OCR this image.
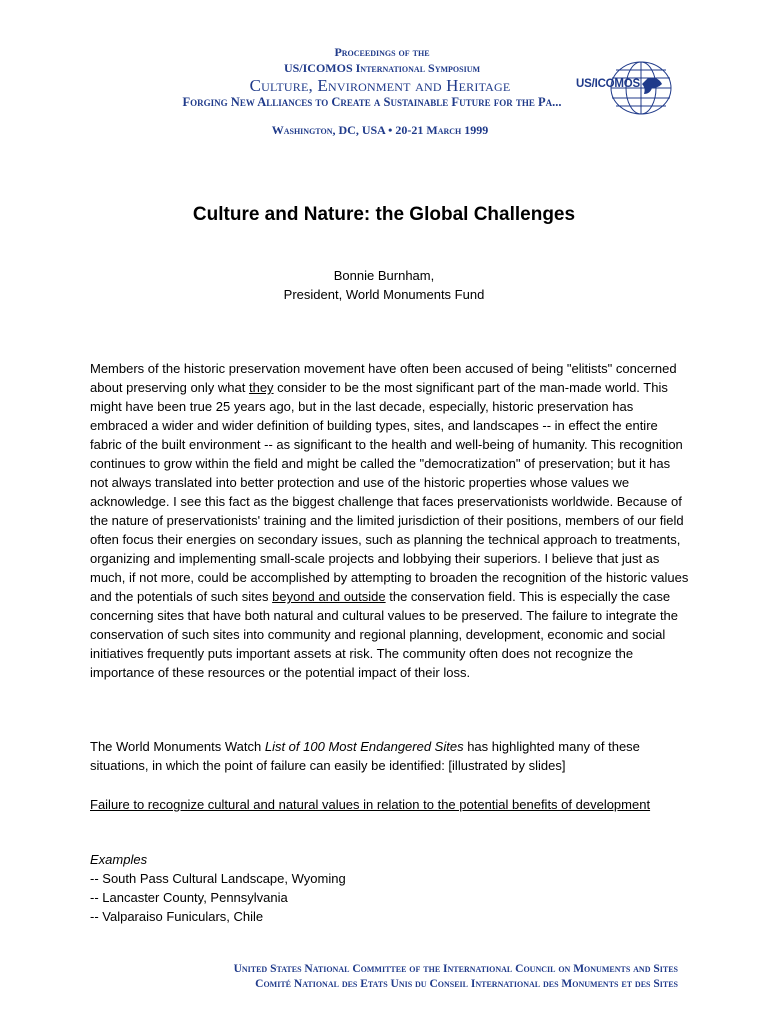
Proceedings of the
US/ICOMOS International Symposium
Culture, Environment and Heritage
Forging New Alliances to Create a Sustainable Future for the Pa...
Washington, DC, USA • 20-21 March 1999
US/ICOMOS
Culture and Nature: the Global Challenges
Bonnie Burnham,
President, World Monuments Fund
Members of the historic preservation movement have often been accused of being "elitists" concerned about preserving only what they consider to be the most significant part of the man-made world. This might have been true 25 years ago, but in the last decade, especially, historic preservation has embraced a wider and wider definition of building types, sites, and landscapes -- in effect the entire fabric of the built environment -- as significant to the health and well-being of humanity. This recognition continues to grow within the field and might be called the "democratization" of preservation; but it has not always translated into better protection and use of the historic properties whose values we acknowledge. I see this fact as the biggest challenge that faces preservationists worldwide. Because of the nature of preservationists' training and the limited jurisdiction of their positions, members of our field often focus their energies on secondary issues, such as planning the technical approach to treatments, organizing and implementing small-scale projects and lobbying their superiors. I believe that just as much, if not more, could be accomplished by attempting to broaden the recognition of the historic values and the potentials of such sites beyond and outside the conservation field. This is especially the case concerning sites that have both natural and cultural values to be preserved. The failure to integrate the conservation of such sites into community and regional planning, development, economic and social initiatives frequently puts important assets at risk. The community often does not recognize the importance of these resources or the potential impact of their loss.
The World Monuments Watch List of 100 Most Endangered Sites has highlighted many of these situations, in which the point of failure can easily be identified: [illustrated by slides]
Failure to recognize cultural and natural values in relation to the potential benefits of development
Examples
-- South Pass Cultural Landscape, Wyoming
-- Lancaster County, Pennsylvania
-- Valparaiso Funiculars, Chile
United States National Committee of the International Council on Monuments and Sites
Comité National des Etats Unis du Conseil International des Monuments et des Sites
